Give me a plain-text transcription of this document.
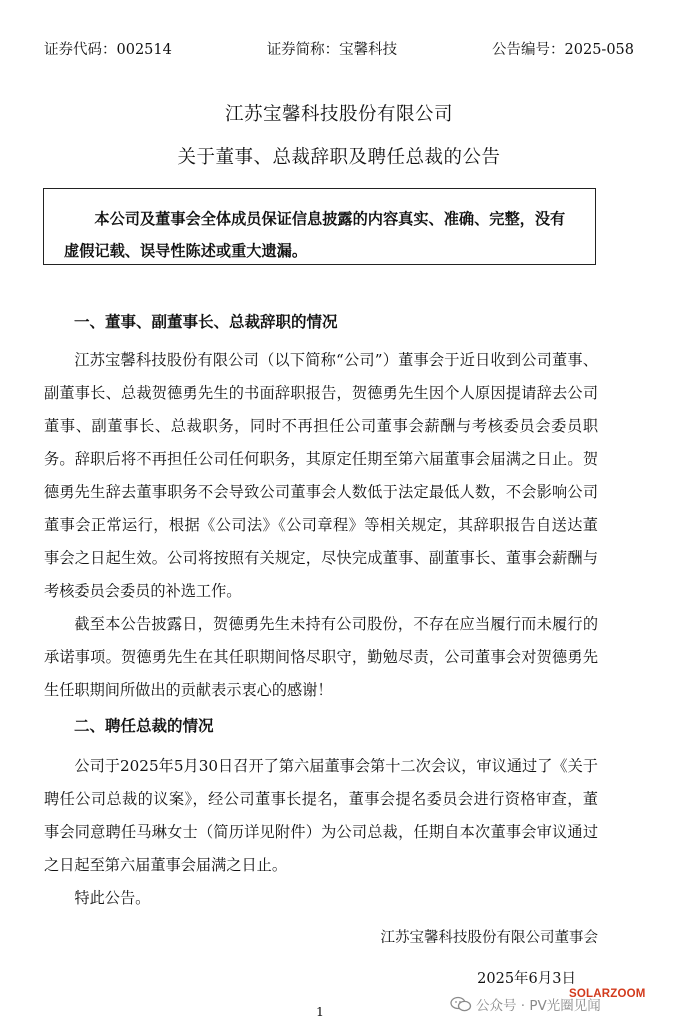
证券代码：002514	证券简称：宝馨科技	公告编号：2025-058
江苏宝馨科技股份有限公司
关于董事、总裁辞职及聘任总裁的公告

本公司及董事会全体成员保证信息披露的内容真实、准确、完整，没有虚假记载、误导性陈述或重大遗漏。

一、董事、副董事长、总裁辞职的情况

江苏宝馨科技股份有限公司（以下简称“公司”）董事会于近日收到公司董事、副董事长、总裁贺德勇先生的书面辞职报告，贺德勇先生因个人原因提请辞去公司董事、副董事长、总裁职务，同时不再担任公司董事会薪酬与考核委员会委员职务。辞职后将不再担任公司任何职务，其原定任期至第六届董事会届满之日止。贺德勇先生辞去董事职务不会导致公司董事会人数低于法定最低人数，不会影响公司董事会正常运行，根据《公司法》《公司章程》等相关规定，其辞职报告自送达董事会之日起生效。公司将按照有关规定，尽快完成董事、副董事长、董事会薪酬与考核委员会委员的补选工作。

截至本公告披露日，贺德勇先生未持有公司股份，不存在应当履行而未履行的承诺事项。贺德勇先生在其任职期间恪尽职守，勤勉尽责，公司董事会对贺德勇先生任职期间所做出的贡献表示衷心的感谢！

二、聘任总裁的情况

公司于2025年5月30日召开了第六届董事会第十二次会议，审议通过了《关于聘任公司总裁的议案》，经公司董事长提名，董事会提名委员会进行资格审查，董事会同意聘任马琳女士（简历详见附件）为公司总裁，任期自本次董事会审议通过之日起至第六届董事会届满之日止。

特此公告。

江苏宝馨科技股份有限公司董事会
2025年6月3日
1	公众号 · PV光圈见闻
SOLARZOOM
